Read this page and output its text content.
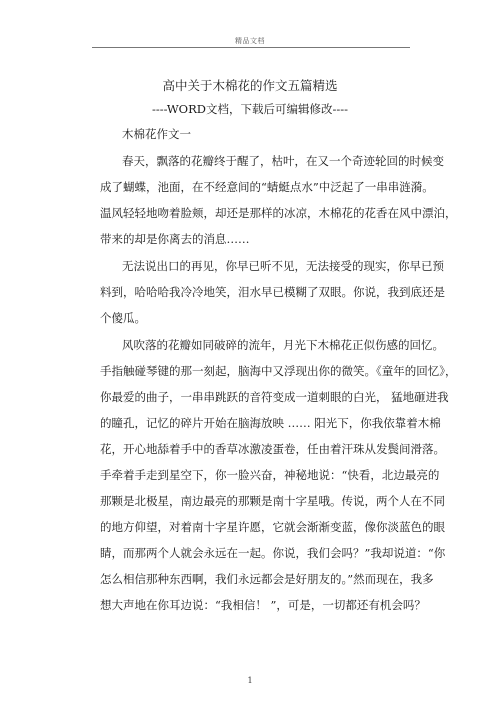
精品文档
高中关于木棉花的作文五篇精选
----WORD文档，下载后可编辑修改----
木棉花作文一
春天，飘落的花瓣终于醒了，枯叶，在又一个奇迹轮回的时候变
成了蝴蝶，池面，在不经意间的“蜻蜓点水”中泛起了一串串涟漪。
温风轻轻地吻着脸颊，却还是那样的冰凉，木棉花的花香在风中漂泊，
带来的却是你离去的消息……
无法说出口的再见，你早已听不见，无法接受的现实，你早已预
料到，哈哈哈我冷冷地笑，泪水早已模糊了双眼。你说，我到底还是
个傻瓜。
风吹落的花瓣如同破碎的流年，月光下木棉花正似伤感的回忆。
手指触碰琴键的那一刻起，脑海中又浮现出你的微笑。《童年的回忆》，
你最爱的曲子，一串串跳跃的音符变成一道刺眼的白光， 猛地砸进我
的瞳孔，记忆的碎片开始在脑海放映 …… 阳光下，你我依靠着木棉
花，开心地舔着手中的香草冰激凌蛋卷，任由着汗珠从发鬓间滑落。
手牵着手走到星空下，你一脸兴奋，神秘地说：“快看，北边最亮的
那颗是北极星，南边最亮的那颗是南十字星哦。传说，两个人在不同
的地方仰望，对着南十字星许愿，它就会渐渐变蓝，像你淡蓝色的眼
睛，而那两个人就会永远在一起。你说，我们会吗？”我却说道：“你
怎么相信那种东西啊，我们永远都会是好朋友的。”然而现在，我多
想大声地在你耳边说：“我相信！ ”，可是，一切都还有机会吗？
1
